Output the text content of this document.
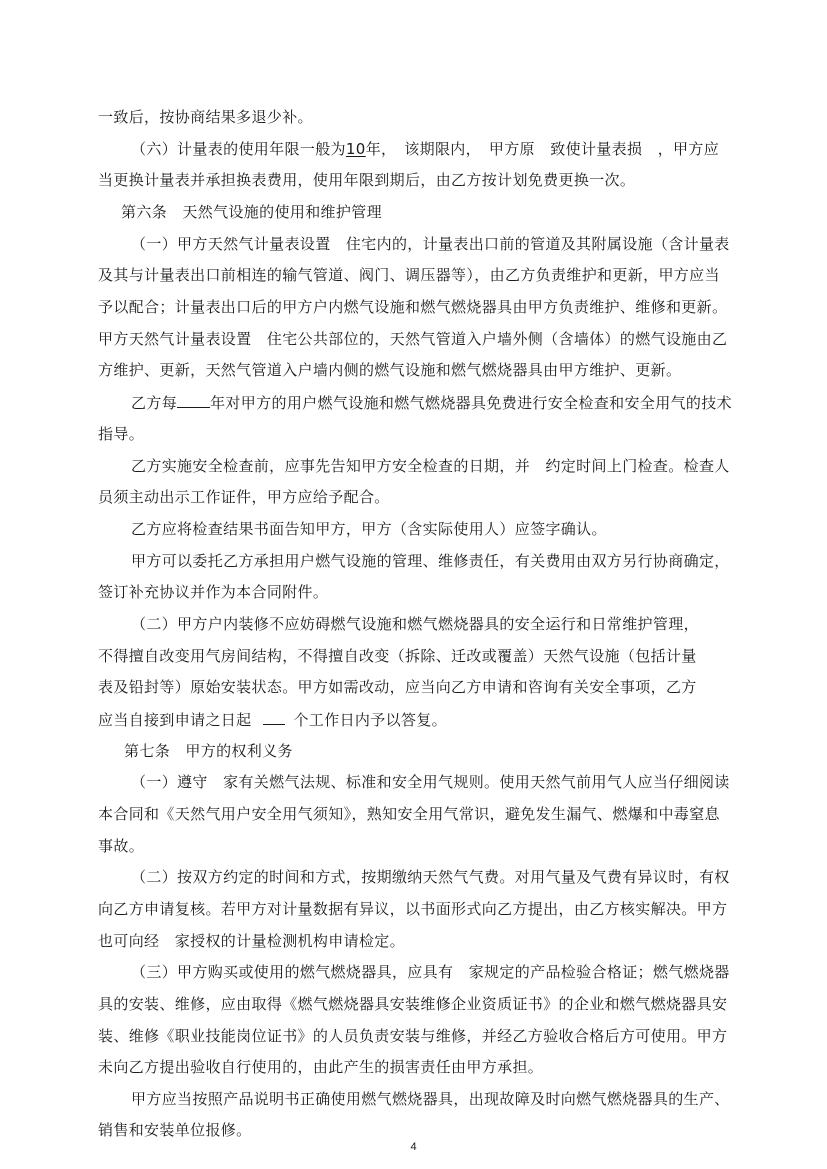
一致后，按协商结果多退少补。
（六）计量表的使用年限一般为10年，　该期限内，　甲方原　致使计量表损　，甲方应
当更换计量表并承担换表费用，使用年限到期后，由乙方按计划免费更换一次。
第六条　天然气设施的使用和维护管理
（一）甲方天然气计量表设置　住宅内的，计量表出口前的管道及其附属设施（含计量表
及其与计量表出口前相连的输气管道、阀门、调压器等），由乙方负责维护和更新，甲方应当
予以配合；计量表出口后的甲方户内燃气设施和燃气燃烧器具由甲方负责维护、维修和更新。
甲方天然气计量表设置　住宅公共部位的，天然气管道入户墙外侧（含墙体）的燃气设施由乙
方维护、更新，天然气管道入户墙内侧的燃气设施和燃气燃烧器具由甲方维护、更新。
乙方每 年对甲方的用户燃气设施和燃气燃烧器具免费进行安全检查和安全用气的技术
指导。
乙方实施安全检查前，应事先告知甲方安全检查的日期，并　约定时间上门检查。检查人
员须主动出示工作证件，甲方应给予配合。
乙方应将检查结果书面告知甲方，甲方（含实际使用人）应签字确认。
甲方可以委托乙方承担用户燃气设施的管理、维修责任，有关费用由双方另行协商确定，
签订补充协议并作为本合同附件。
（二）甲方户内装修不应妨碍燃气设施和燃气燃烧器具的安全运行和日常维护管理，
不得擅自改变用气房间结构，不得擅自改变（拆除、迁改或覆盖）天然气设施（包括计量
表及铅封等）原始安装状态。甲方如需改动，应当向乙方申请和咨询有关安全事项，乙方
应当自接到申请之日起	个工作日内予以答复。
第七条　甲方的权利义务
（一）遵守　家有关燃气法规、标准和安全用气规则。使用天然气前用气人应当仔细阅读
本合同和《天然气用户安全用气须知》，熟知安全用气常识，避免发生漏气、燃爆和中毒窒息
事故。
（二）按双方约定的时间和方式，按期缴纳天然气气费。对用气量及气费有异议时，有权
向乙方申请复核。若甲方对计量数据有异议，以书面形式向乙方提出，由乙方核实解决。甲方
也可向经　家授权的计量检测机构申请检定。
（三）甲方购买或使用的燃气燃烧器具，应具有　家规定的产品检验合格证；燃气燃烧器
具的安装、维修，应由取得《燃气燃烧器具安装维修企业资质证书》的企业和燃气燃烧器具安
装、维修《职业技能岗位证书》的人员负责安装与维修，并经乙方验收合格后方可使用。甲方
未向乙方提出验收自行使用的，由此产生的损害责任由甲方承担。
甲方应当按照产品说明书正确使用燃气燃烧器具，出现故障及时向燃气燃烧器具的生产、
销售和安装单位报修。
4
